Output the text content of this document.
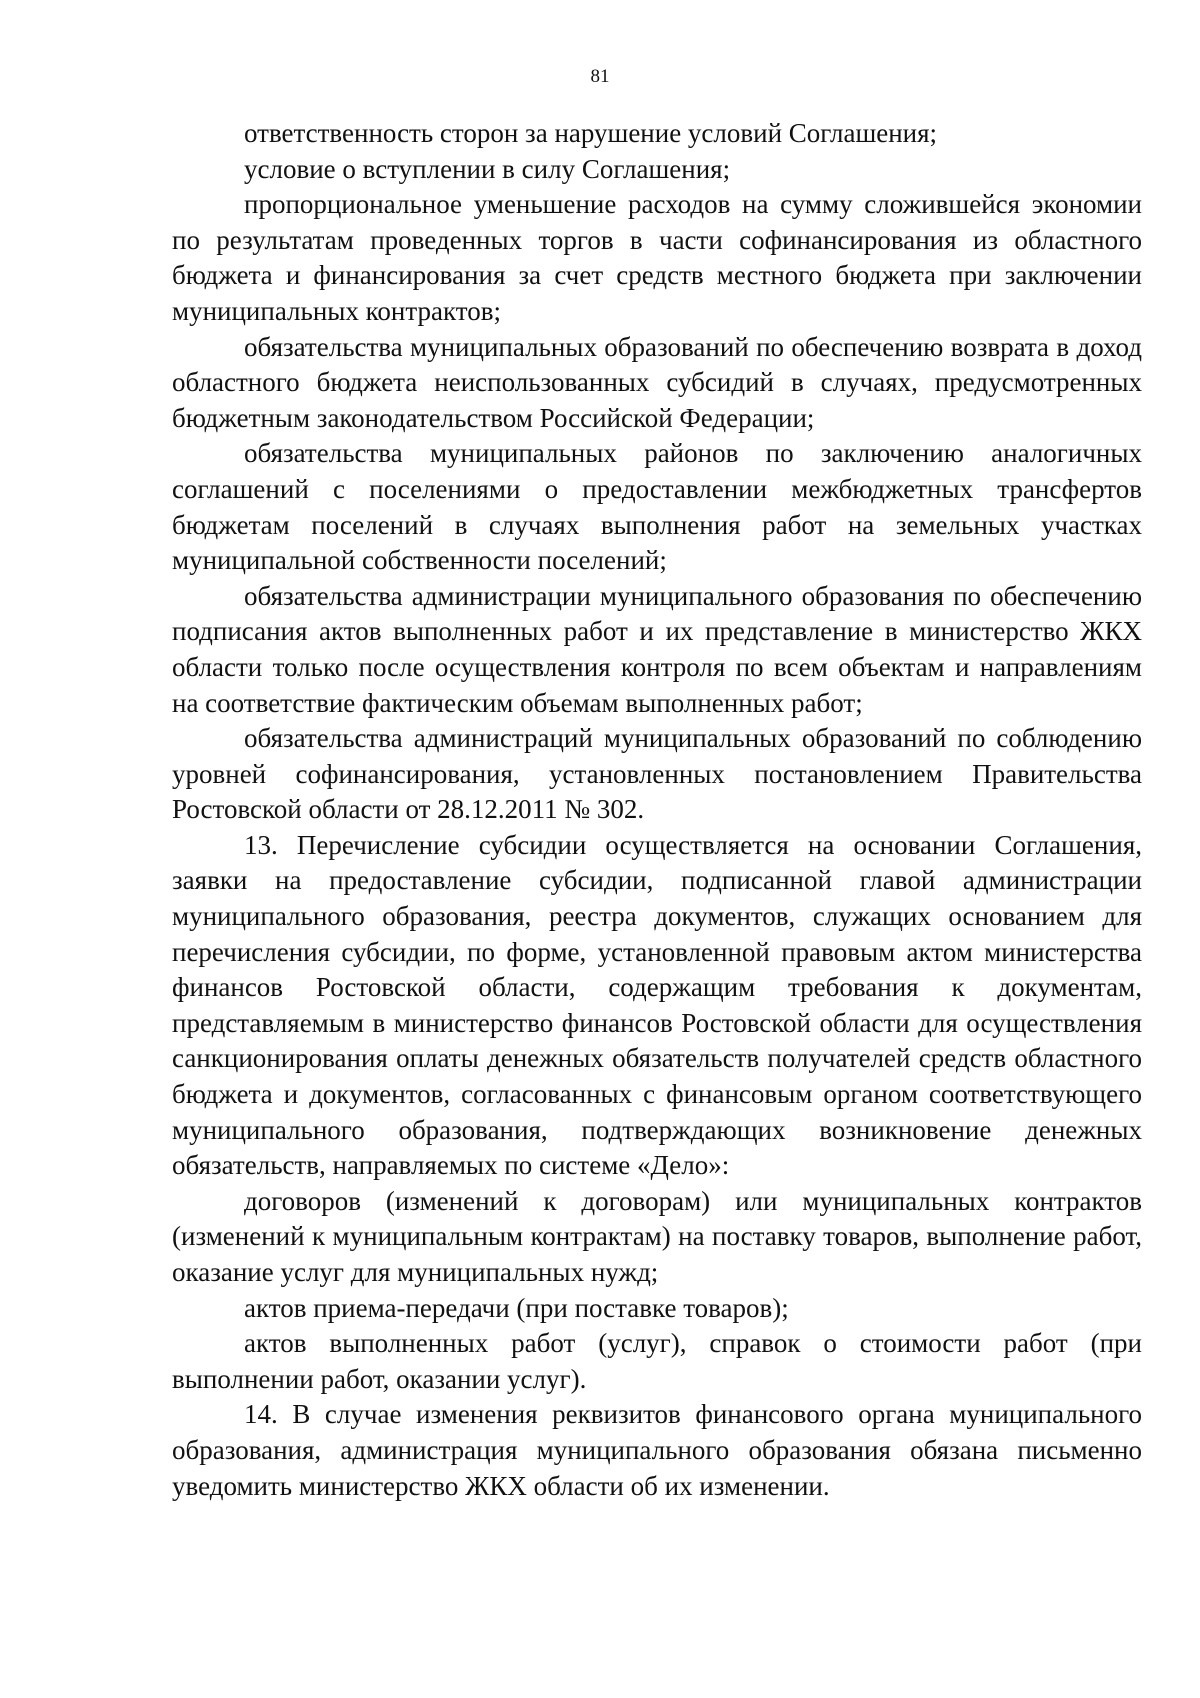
81

ответственность сторон за нарушение условий Соглашения;

условие о вступлении в силу Соглашения;

пропорциональное уменьшение расходов на сумму сложившейся экономии по результатам проведенных торгов в части софинансирования из областного бюджета и финансирования за счет средств местного бюджета при заключении муниципальных контрактов;

обязательства муниципальных образований по обеспечению возврата в доход областного бюджета неиспользованных субсидий в случаях, предусмотренных бюджетным законодательством Российской Федерации;

обязательства муниципальных районов по заключению аналогичных соглашений с поселениями о предоставлении межбюджетных трансфертов бюджетам поселений в случаях выполнения работ на земельных участках муниципальной собственности поселений;

обязательства администрации муниципального образования по обеспечению подписания актов выполненных работ и их представление в министерство ЖКХ области только после осуществления контроля по всем объектам и направлениям на соответствие фактическим объемам выполненных работ;

обязательства администраций муниципальных образований по соблюдению уровней софинансирования, установленных постановлением Правительства Ростовской области от 28.12.2011 № 302.

13. Перечисление субсидии осуществляется на основании Соглашения, заявки на предоставление субсидии, подписанной главой администрации муниципального образования, реестра документов, служащих основанием для перечисления субсидии, по форме, установленной правовым актом министерства финансов Ростовской области, содержащим требования к документам, представляемым в министерство финансов Ростовской области для осуществления санкционирования оплаты денежных обязательств получателей средств областного бюджета и документов, согласованных с финансовым органом соответствующего муниципального образования, подтверждающих возникновение денежных обязательств, направляемых по системе «Дело»:

договоров (изменений к договорам) или муниципальных контрактов (изменений к муниципальным контрактам) на поставку товаров, выполнение работ, оказание услуг для муниципальных нужд;

актов приема-передачи (при поставке товаров);

актов выполненных работ (услуг), справок о стоимости работ (при выполнении работ, оказании услуг).

14. В случае изменения реквизитов финансового органа муниципального образования, администрация муниципального образования обязана письменно уведомить министерство ЖКХ области об их изменении.
